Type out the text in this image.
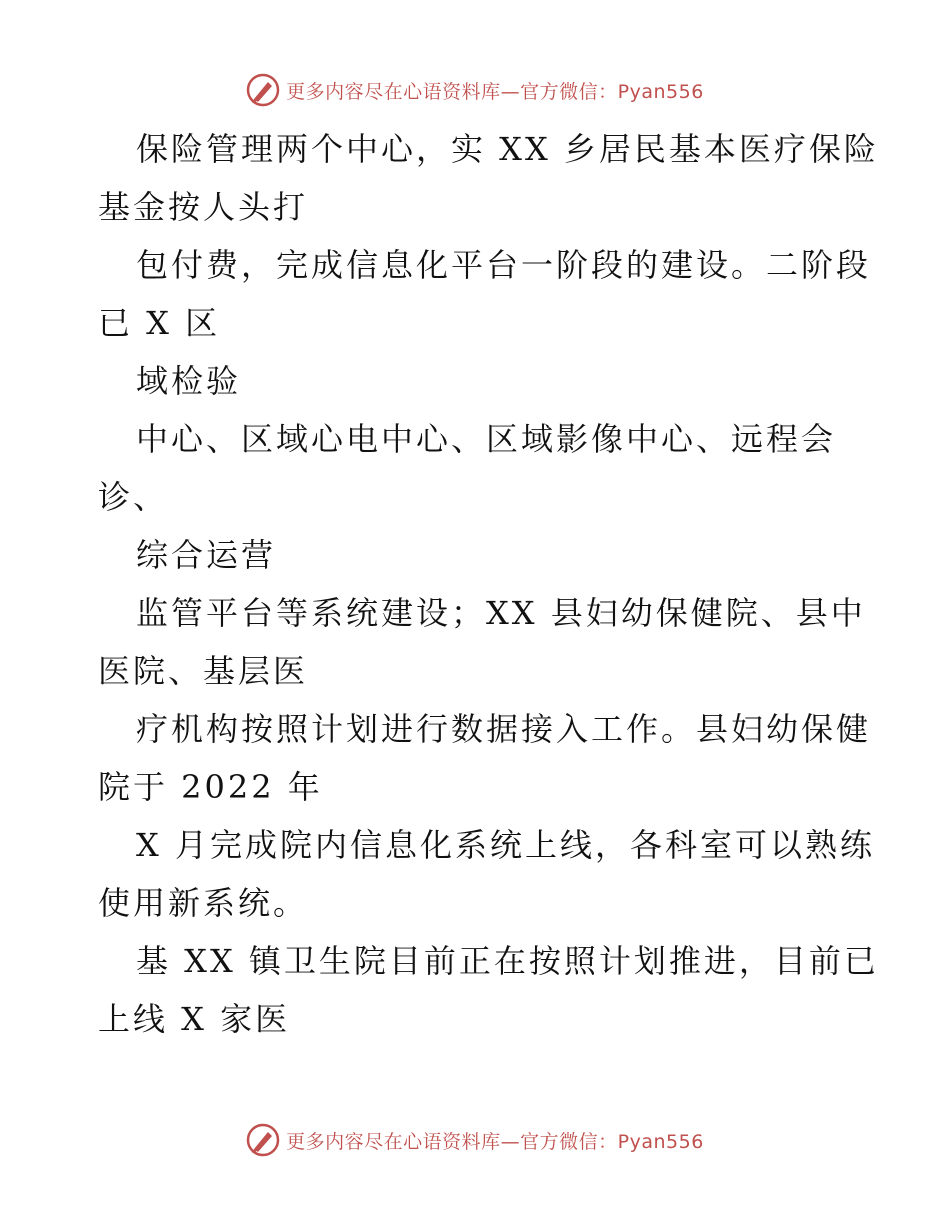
更多内容尽在心语资料库—官方微信：Pyan556
保险管理两个中心，实 XX 乡居民基本医疗保险
基金按人头打
包付费，完成信息化平台一阶段的建设。二阶段
已 X 区
域检验
中心、区域心电中心、区域影像中心、远程会
诊、
综合运营
监管平台等系统建设；XX 县妇幼保健院、县中
医院、基层医
疗机构按照计划进行数据接入工作。县妇幼保健
院于 2022 年
X 月完成院内信息化系统上线，各科室可以熟练
使用新系统。
基 XX 镇卫生院目前正在按照计划推进，目前已
上线 X 家医
更多内容尽在心语资料库—官方微信：Pyan556
